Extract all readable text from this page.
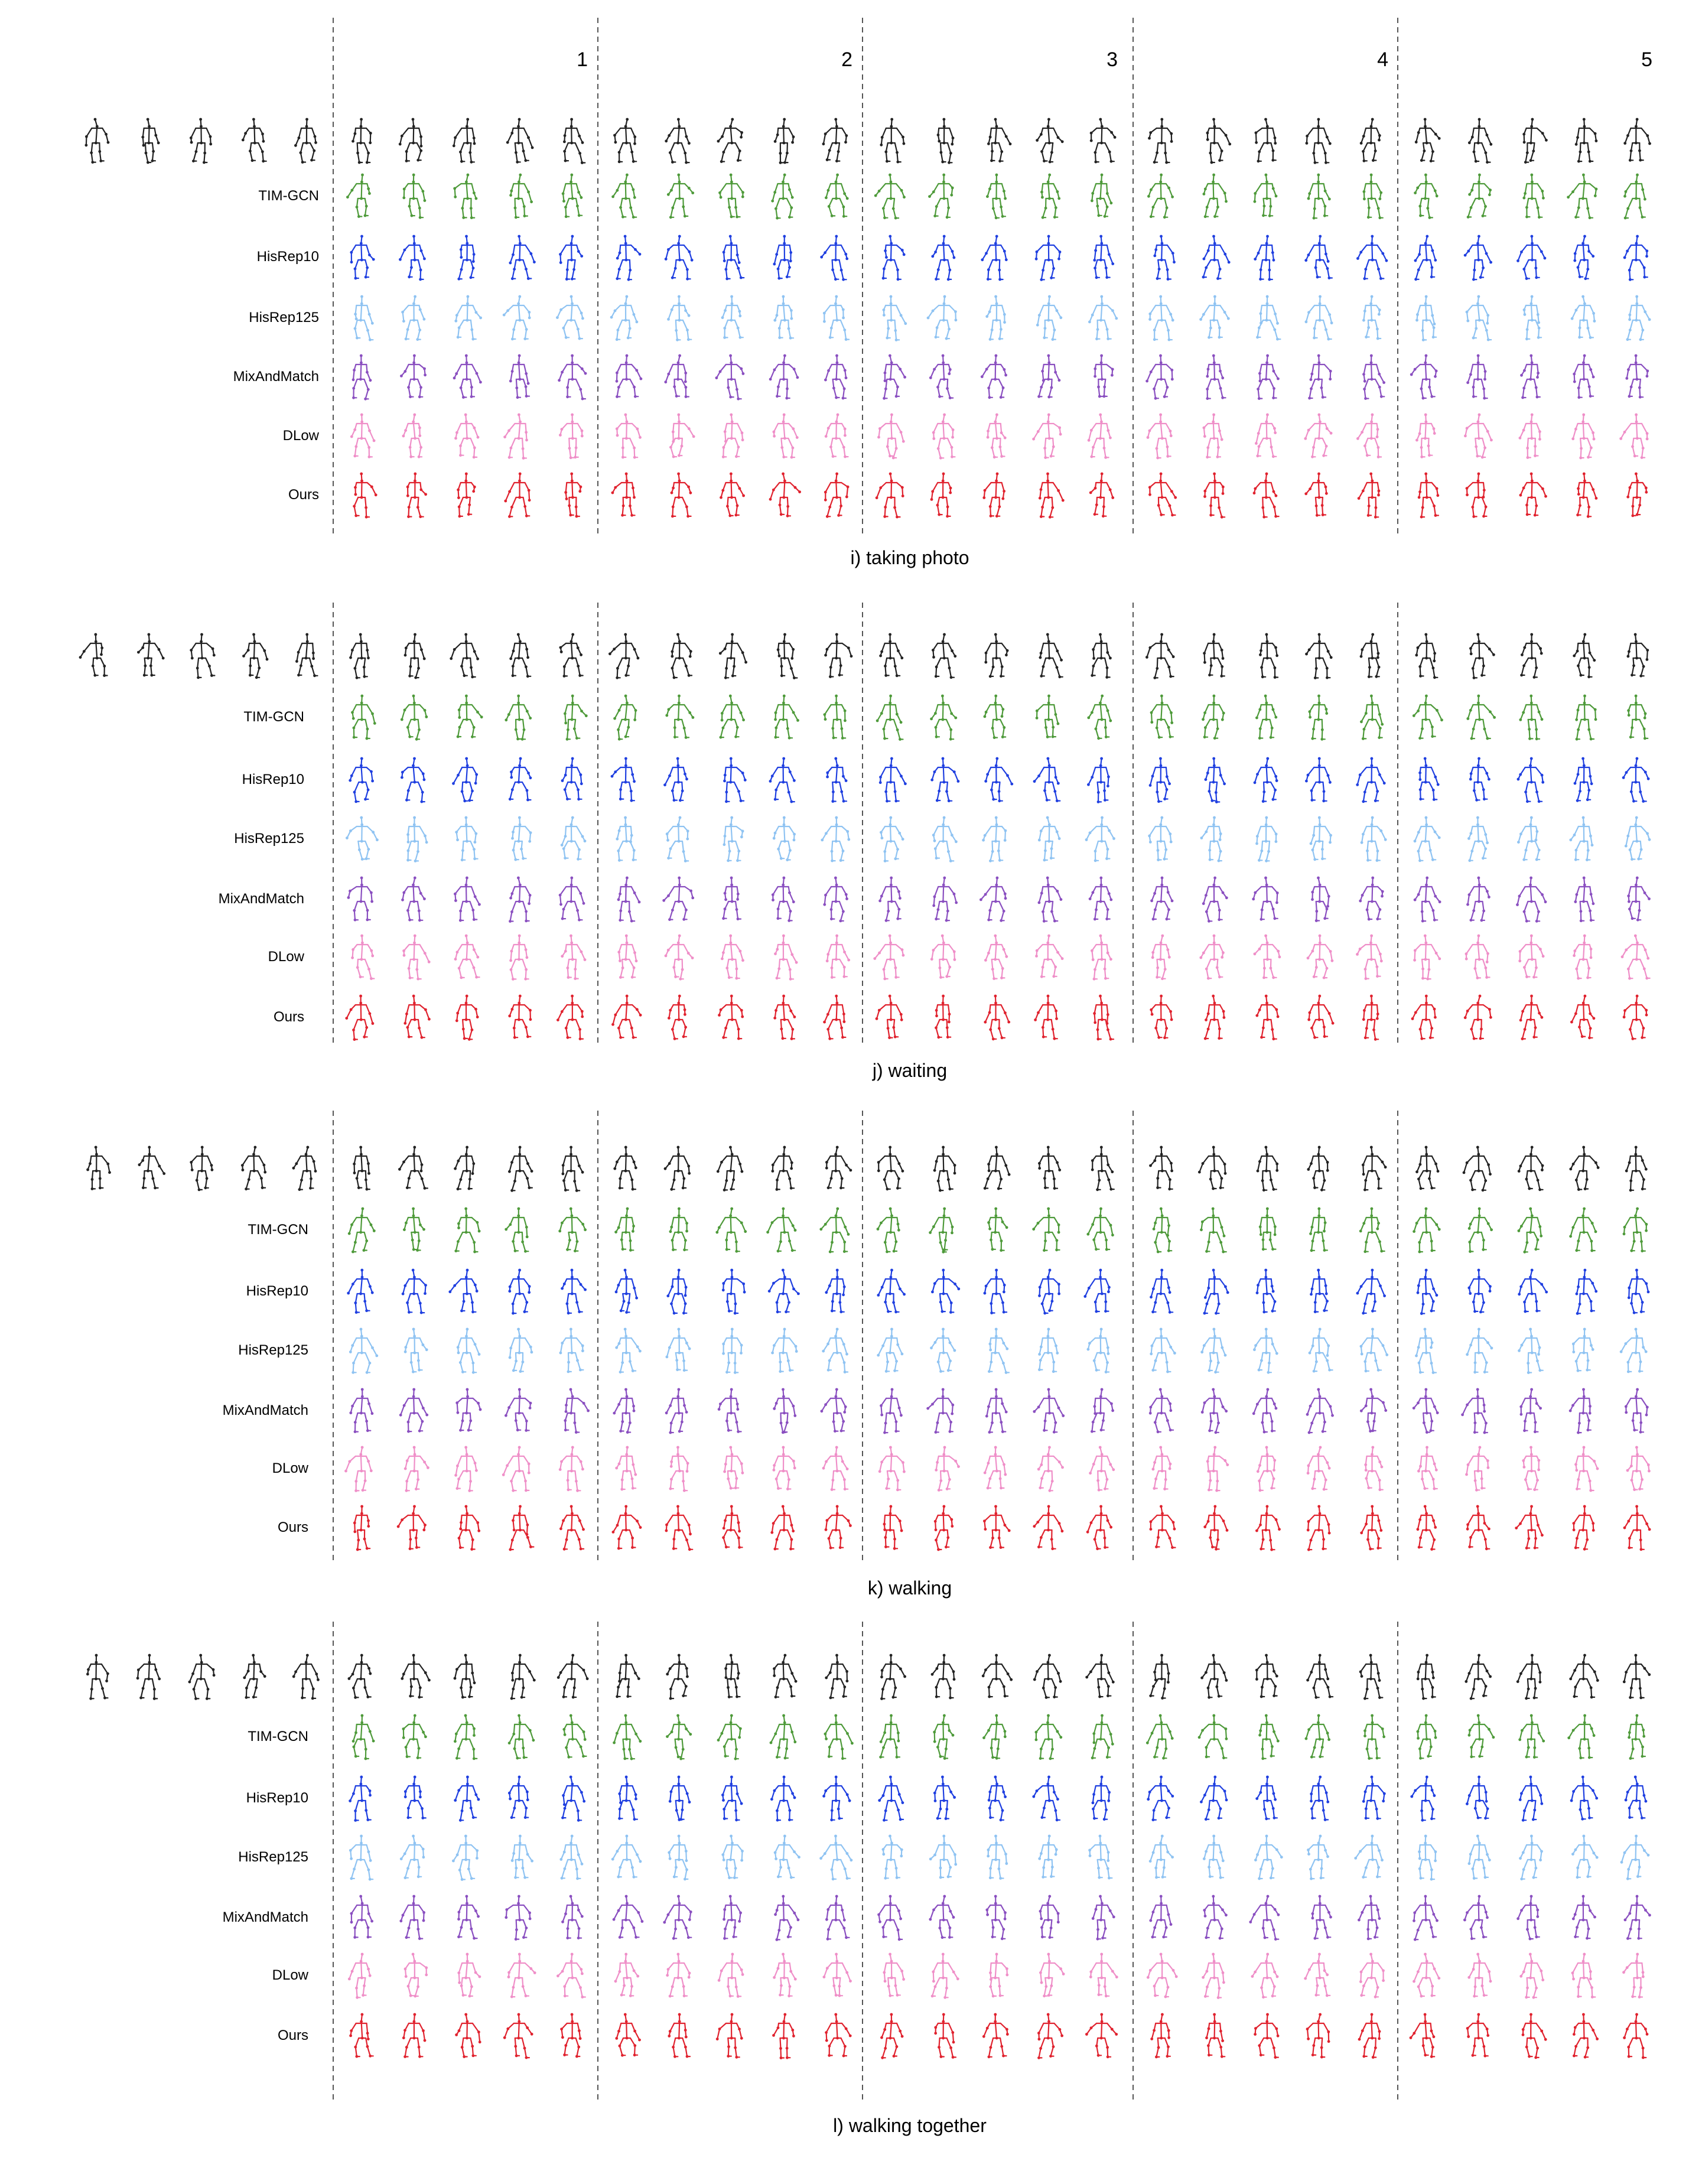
1	2	3	4	5
TIM-GCN
HisRep10
HisRep125
MixAndMatch
DLow
Ours
i) taking photo
TIM-GCN
HisRep10
HisRep125
MixAndMatch
DLow
Ours
j) waiting
TIM-GCN
HisRep10
HisRep125
MixAndMatch
DLow
Ours
k) walking
TIM-GCN
HisRep10
HisRep125
MixAndMatch
DLow
Ours
l) walking together
